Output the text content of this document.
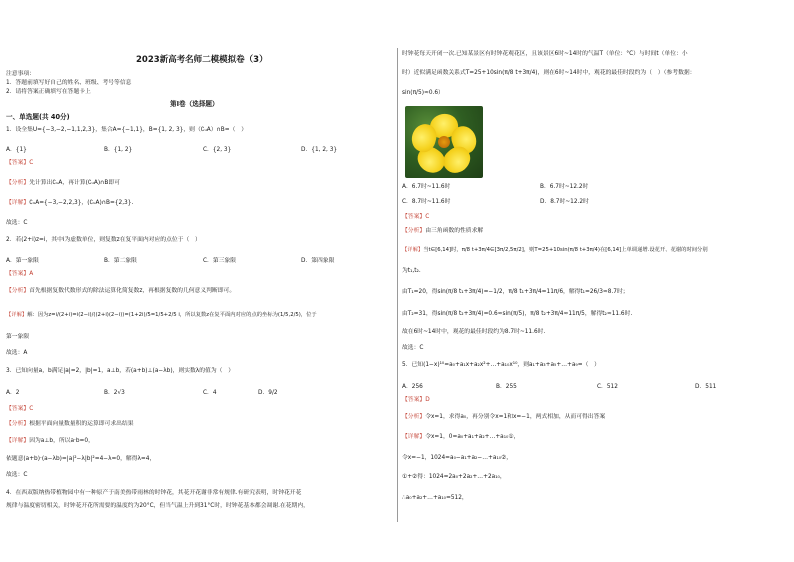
2023新高考名师二模模拟卷（3）
注意事项：
1．答题前填写好自己的姓名、班级、考号等信息
2．请将答案正确填写在答题卡上
第Ⅰ卷（选择题）
一、单选题(共 40分)
1．设全集U={−3,−2,−1,1,2,3}，集合A={−1,1}，B={1, 2, 3}，则（∁ᵤA）∩B=（　）
A．{1}	B．{1, 2}	C．{2, 3}	D．{1, 2, 3}
【答案】C
【分析】先计算出∁ᵤA，再计算(∁ᵤA)∩B即可
【详解】∁ᵤA={−3,−2,2,3}，(∁ᵤA)∩B={2,3}.
故选：C
2．若(2+i)z=i，其中i为虚数单位，则复数z在复平面内对应的点位于（　）
A．第一象限	B．第二象限	C．第三象限	D．第四象限
【答案】A
【分析】首先根据复数代数形式的除法运算化简复数z，再根据复数的几何意义判断即可。
【详解】解：因为z=i/(2+i)=i(2−i)/((2+i)(2−i))=(1+2i)/5=1/5+2/5 i，所以复数z在复平面内对应的点的坐标为(1/5,2/5)，位于
第一象限
故选：A
3．已知向量a，b满足|a|=2，|b|=1，a⊥b，若(a+b)⊥(a−λb)，则实数λ的值为（　）
A．2	B．2√3	C．4	D．9/2
【答案】C
【分析】根据平面向量数量积的运算即可求出结果
【详解】因为a⊥b，所以a·b=0，
依题意(a+b)·(a−λb)=|a|²−λ|b|²=4−λ=0，解得λ=4，
故选：C
4．在西双版纳热带植物园中有一种原产于南美热带雨林的时钟花，其花开花谢非常有规律.有研究表明，时钟花开花
规律与温度密切相关，时钟花开花所需要的温度约为20°C，但当气温上升到31°C时，时钟花基本都会凋谢.在花期内，
时钟花每天开闭一次.已知某景区有时钟花观花区，且该景区6时~14时的气温T（单位：°C）与时间t（单位：小
时）近似满足函数关系式T=25+10sin(π/8 t+3π/4)，则在6时~14时中，观花的最佳时段约为（　）（参考数据：
sin(π/5)≈0.6）
A．6.7时~11.6时	B．6.7时~12.2时
C．8.7时~11.6时	D．8.7时~12.2时
【答案】C
【分析】由三角函数的性质求解
【详解】当t∈[6,14]时，π/8 t+3π/4∈[3π/2,5π/2]，则T=25+10sin(π/8 t+3π/4)在[6,14]上单调递增.设花开、花谢的时间分别
为t₁,t₂.
由T₁=20，得sin(π/8 t₁+3π/4)=−1/2，π/8 t₁+3π/4=11π/6，解得t₁=26/3≈8.7时；
由T₂=31，得sin(π/8 t₂+3π/4)=0.6≈sin(π/5)，π/8 t₂+3π/4≈11π/5，解得t₂≈11.6时.
故在6时~14时中，观花的最佳时段约为8.7时~11.6时.
故选：C
5．已知(1−x)¹⁰=a₀+a₁x+a₂x²+…+a₁₀x¹⁰，则a₁+a₃+a₅+…+a₉=（　）
A．256	B．255	C．512	D．511
【答案】D
【分析】令x=1，求得a₀，再分别令x=1和x=−1，两式相加，从而可得出答案
【详解】令x=1，0=a₀+a₁+a₂+…+a₁₀①，
令x=−1，1024=a₀−a₁+a₂−…+a₁₀②，
①+②得：1024=2a₀+2a₂+…+2a₁₀，
∴a₀+a₂+…+a₁₀=512，
